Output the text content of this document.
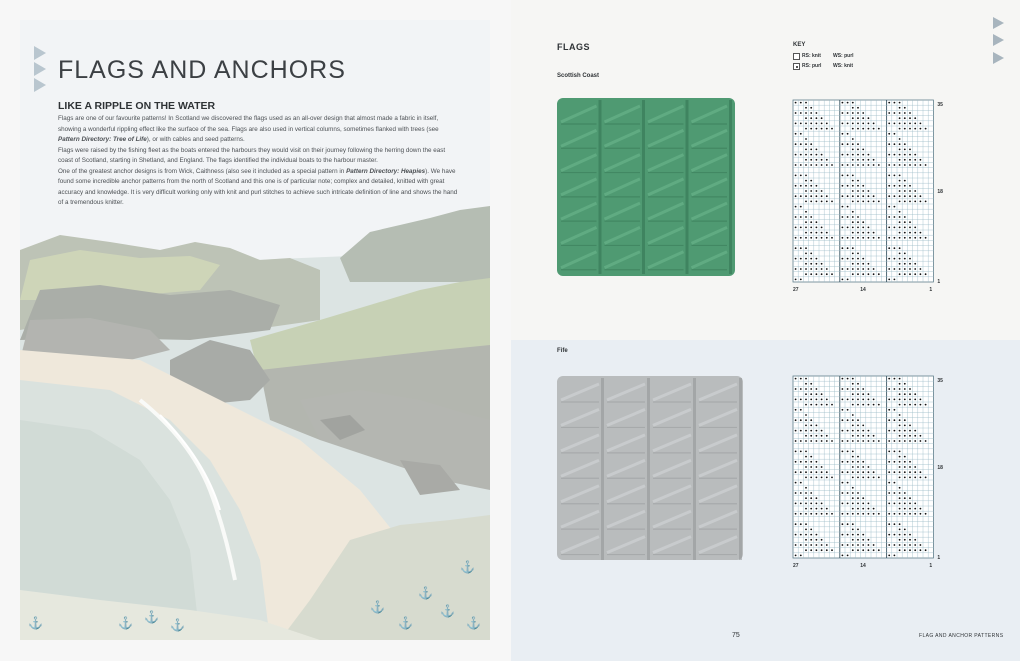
FLAGS AND ANCHORS
LIKE A RIPPLE ON THE WATER

Flags are one of our favourite patterns! In Scotland we discovered the flags used as an all-over design that almost made a fabric in itself, showing a wonderful rippling effect like the surface of the sea. Flags are also used in vertical columns, sometimes flanked with trees (see Pattern Directory: Tree of Life), or with cables and seed patterns.

Flags were raised by the fishing fleet as the boats entered the harbours they would visit on their journey following the herring down the east coast of Scotland, starting in Shetland, and England. The flags identified the individual boats to the harbour master.

One of the greatest anchor designs is from Wick, Caithness (also see it included as a special pattern in Pattern Directory: Heapies). We have found some incredible anchor patterns from the north of Scotland and this one is of particular note; complex and detailed, knitted with great accuracy and knowledge. It is very difficult working only with knit and purl stitches to achieve such intricate definition of line and shows the hand of a tremendous knitter.

⚓	⚓ ⚓
⚓
⚓
⚓
⚓
⚓
⚓
⚓
FLAGS	KEY
RS: knit WS: purl
RS: purl WS: knit
Scottish Coast
35
18
1
27	14	1
Fife
35
18
1
27	14	1
75	FLAG AND ANCHOR PATTERNS
